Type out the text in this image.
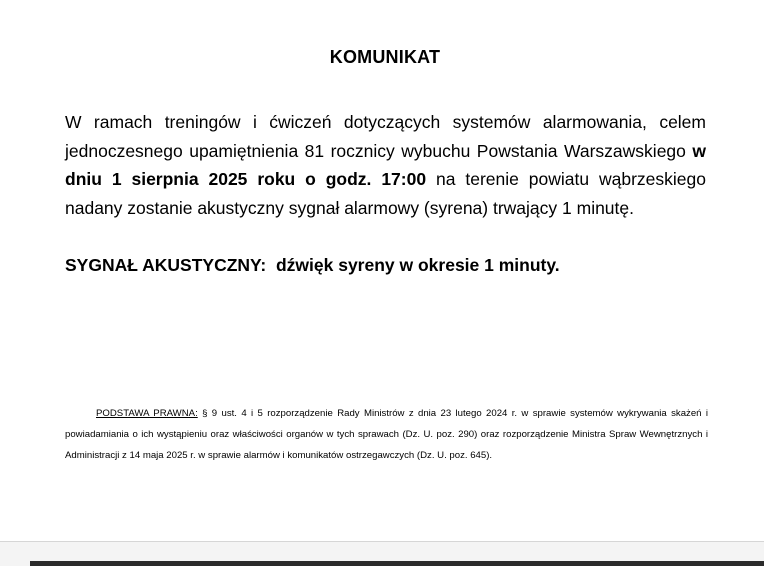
KOMUNIKAT
W ramach treningów i ćwiczeń dotyczących systemów alarmowania, celem jednoczesnego upamiętnienia 81 rocznicy wybuchu Powstania Warszawskiego w dniu 1 sierpnia 2025 roku o godz. 17:00 na terenie powiatu wąbrzeskiego nadany zostanie akustyczny sygnał alarmowy (syrena) trwający 1 minutę.
SYGNAŁ AKUSTYCZNY:  dźwięk syreny w okresie 1 minuty.
PODSTAWA PRAWNA: § 9 ust. 4 i 5 rozporządzenie Rady Ministrów z dnia 23 lutego 2024 r. w sprawie systemów wykrywania skażeń i powiadamiania o ich wystąpieniu oraz właściwości organów w tych sprawach (Dz. U. poz. 290) oraz rozporządzenie Ministra Spraw Wewnętrznych i Administracji z 14 maja 2025 r. w sprawie alarmów i komunikatów ostrzegawczych (Dz. U. poz. 645).
